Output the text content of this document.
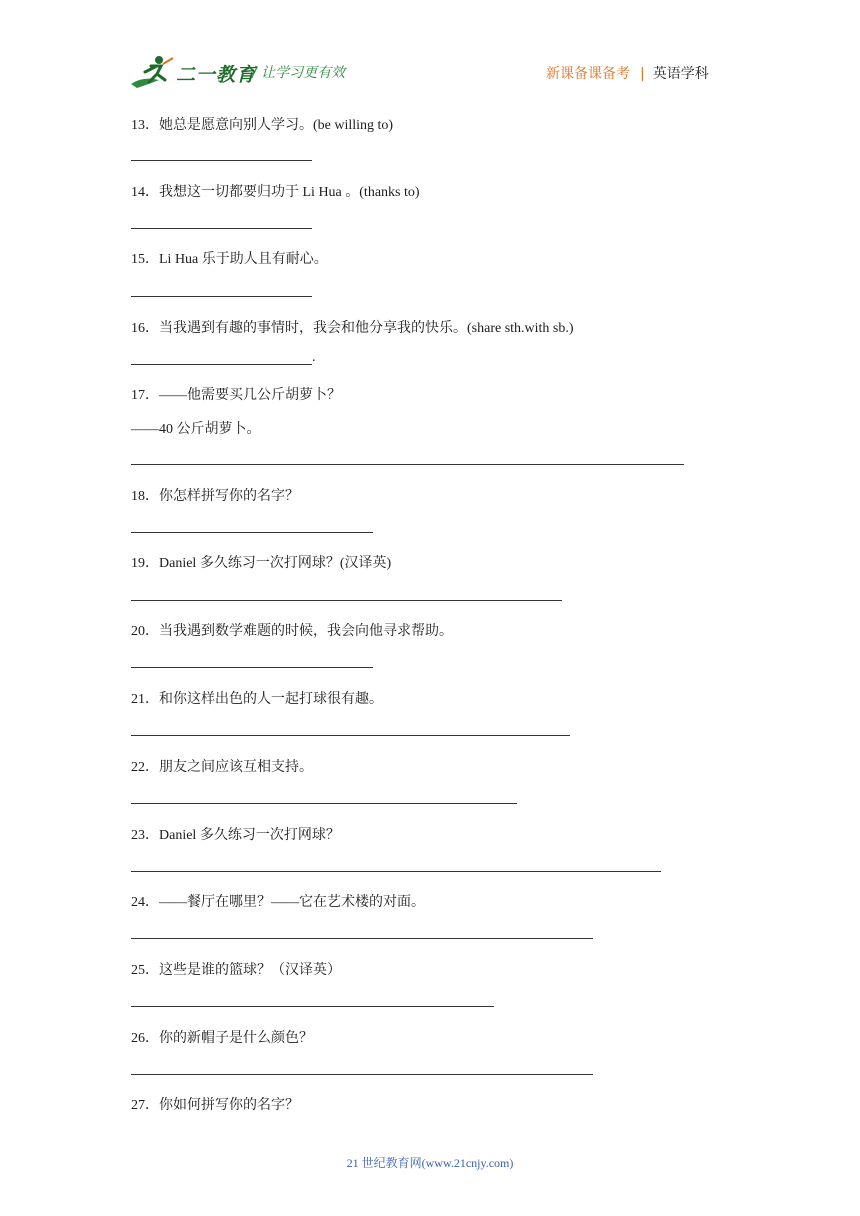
二一教育
/ 让学习更有效	新课备课备考 | 英语学科
13．她总是愿意向别人学习。(be willing to)
14．我想这一切都要归功于 Li Hua 。(thanks to)
15．Li Hua 乐于助人且有耐心。
16．当我遇到有趣的事情时，我会和他分享我的快乐。(share sth.with sb.)
.
17．——他需要买几公斤胡萝卜？
——40 公斤胡萝卜。
18．你怎样拼写你的名字？
19．Daniel 多久练习一次打网球？(汉译英)
20．当我遇到数学难题的时候，我会向他寻求帮助。
21．和你这样出色的人一起打球很有趣。
22．朋友之间应该互相支持。
23．Daniel 多久练习一次打网球？
24．——餐厅在哪里？——它在艺术楼的对面。
25．这些是谁的篮球？（汉译英）
26．你的新帽子是什么颜色？
27．你如何拼写你的名字？
21 世纪教育网(www.21cnjy.com)
